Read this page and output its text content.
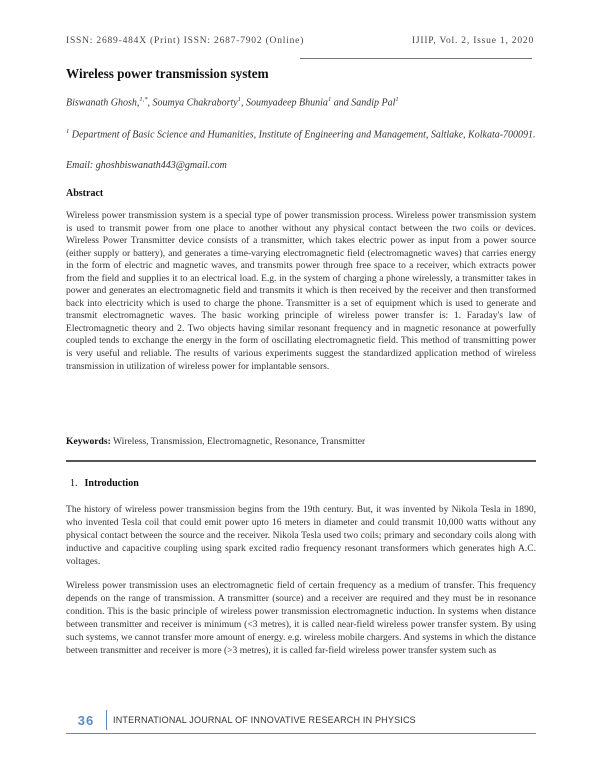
ISSN: 2689-484X (Print) ISSN: 2687-7902 (Online)	IJIIP, Vol. 2, Issue 1, 2020
Wireless power transmission system
Biswanath Ghosh,$^{1,*}$, Soumya Chakraborty$^1$, Soumyadeep Bhunia$^1$ and Sandip Pal$^1$
$^1$ Department of Basic Science and Humanities, Institute of Engineering and Management, Saltlake, Kolkata-700091.
Email: ghoshbiswanath443@gmail.com
Abstract
Wireless power transmission system is a special type of power transmission process. Wireless power transmission system is used to transmit power from one place to another without any physical contact between the two coils or devices. Wireless Power Transmitter device consists of a transmitter, which takes electric power as input from a power source (either supply or battery), and generates a time-varying electromagnetic field (electromagnetic waves) that carries energy in the form of electric and magnetic waves, and transmits power through free space to a receiver, which extracts power from the field and supplies it to an electrical load. E.g. in the system of charging a phone wirelessly, a transmitter takes in power and generates an electromagnetic field and transmits it which is then received by the receiver and then transformed back into electricity which is used to charge the phone. Transmitter is a set of equipment which is used to generate and transmit electromagnetic waves. The basic working principle of wireless power transfer is: 1. Faraday's law of Electromagnetic theory and 2. Two objects having similar resonant frequency and in magnetic resonance at powerfully coupled tends to exchange the energy in the form of oscillating electromagnetic field. This method of transmitting power is very useful and reliable. The results of various experiments suggest the standardized application method of wireless transmission in utilization of wireless power for implantable sensors.
Keywords: Wireless, Transmission, Electromagnetic, Resonance, Transmitter
1. Introduction
The history of wireless power transmission begins from the 19th century. But, it was invented by Nikola Tesla in 1890, who invented Tesla coil that could emit power upto 16 meters in diameter and could transmit 10,000 watts without any physical contact between the source and the receiver. Nikola Tesla used two coils; primary and secondary coils along with inductive and capacitive coupling using spark excited radio frequency resonant transformers which generates high A.C. voltages.
Wireless power transmission uses an electromagnetic field of certain frequency as a medium of transfer. This frequency depends on the range of transmission. A transmitter (source) and a receiver are required and they must be in resonance condition. This is the basic principle of wireless power transmission electromagnetic induction. In systems when distance between transmitter and receiver is minimum (<3 metres), it is called near-field wireless power transfer system. By using such systems, we cannot transfer more amount of energy. e.g. wireless mobile chargers. And systems in which the distance between transmitter and receiver is more (>3 metres), it is called far-field wireless power transfer system such as
36	INTERNATIONAL JOURNAL OF INNOVATIVE RESEARCH IN PHYSICS
